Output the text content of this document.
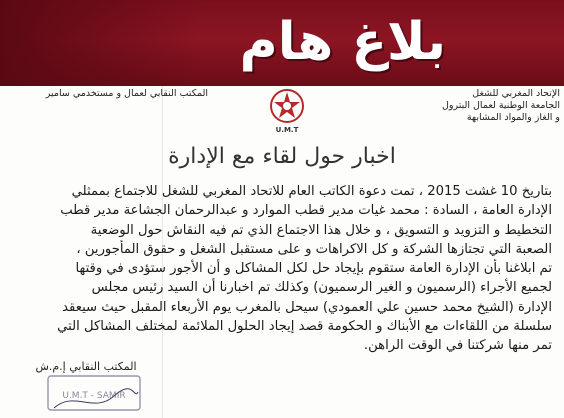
بلاغ هام
الإتحاد المغربي للشغل
الجامعة الوطنية لعمال البترول
و الغاز والمواد المشابهة
المكتب النقابي لعمال و مستخدمي سامير
U.M.T
اخبار حول لقاء مع الإدارة
بتاريخ 10 غشت 2015 ، تمت دعوة الكاتب العام للاتحاد المغربي للشغل للاجتماع بممثلي
الإدارة العامة ، السادة : محمد غيات مدير قطب الموارد و عبدالرحمان الجشاعة مدير قطب
التخطيط و التزويد و التسويق ، و خلال هذا الاجتماع الذي تم فيه النقاش حول الوضعية
الصعبة التي تجتازها الشركة و كل الاكراهات و على مستقبل الشغل و حقوق المأجورين ،
تم ابلاغنا بأن الإدارة العامة ستقوم بإيجاد حل لكل المشاكل و أن الأجور ستؤدى في وقتها
لجميع الأجراء (الرسميون و الغير الرسميون) وكذلك تم اخبارنا أن السيد رئيس مجلس
الإدارة (الشيخ محمد حسين علي العمودي) سيحل بالمغرب يوم الأربعاء المقبل حيث سيعقد
سلسلة من اللقاءات مع الأبناك و الحكومة قصد إيجاد الحلول الملائمة لمختلف المشاكل التي
تمر منها شركتنا في الوقت الراهن.
المكتب النقابي إ.م.ش
U.M.T - SAMIR
